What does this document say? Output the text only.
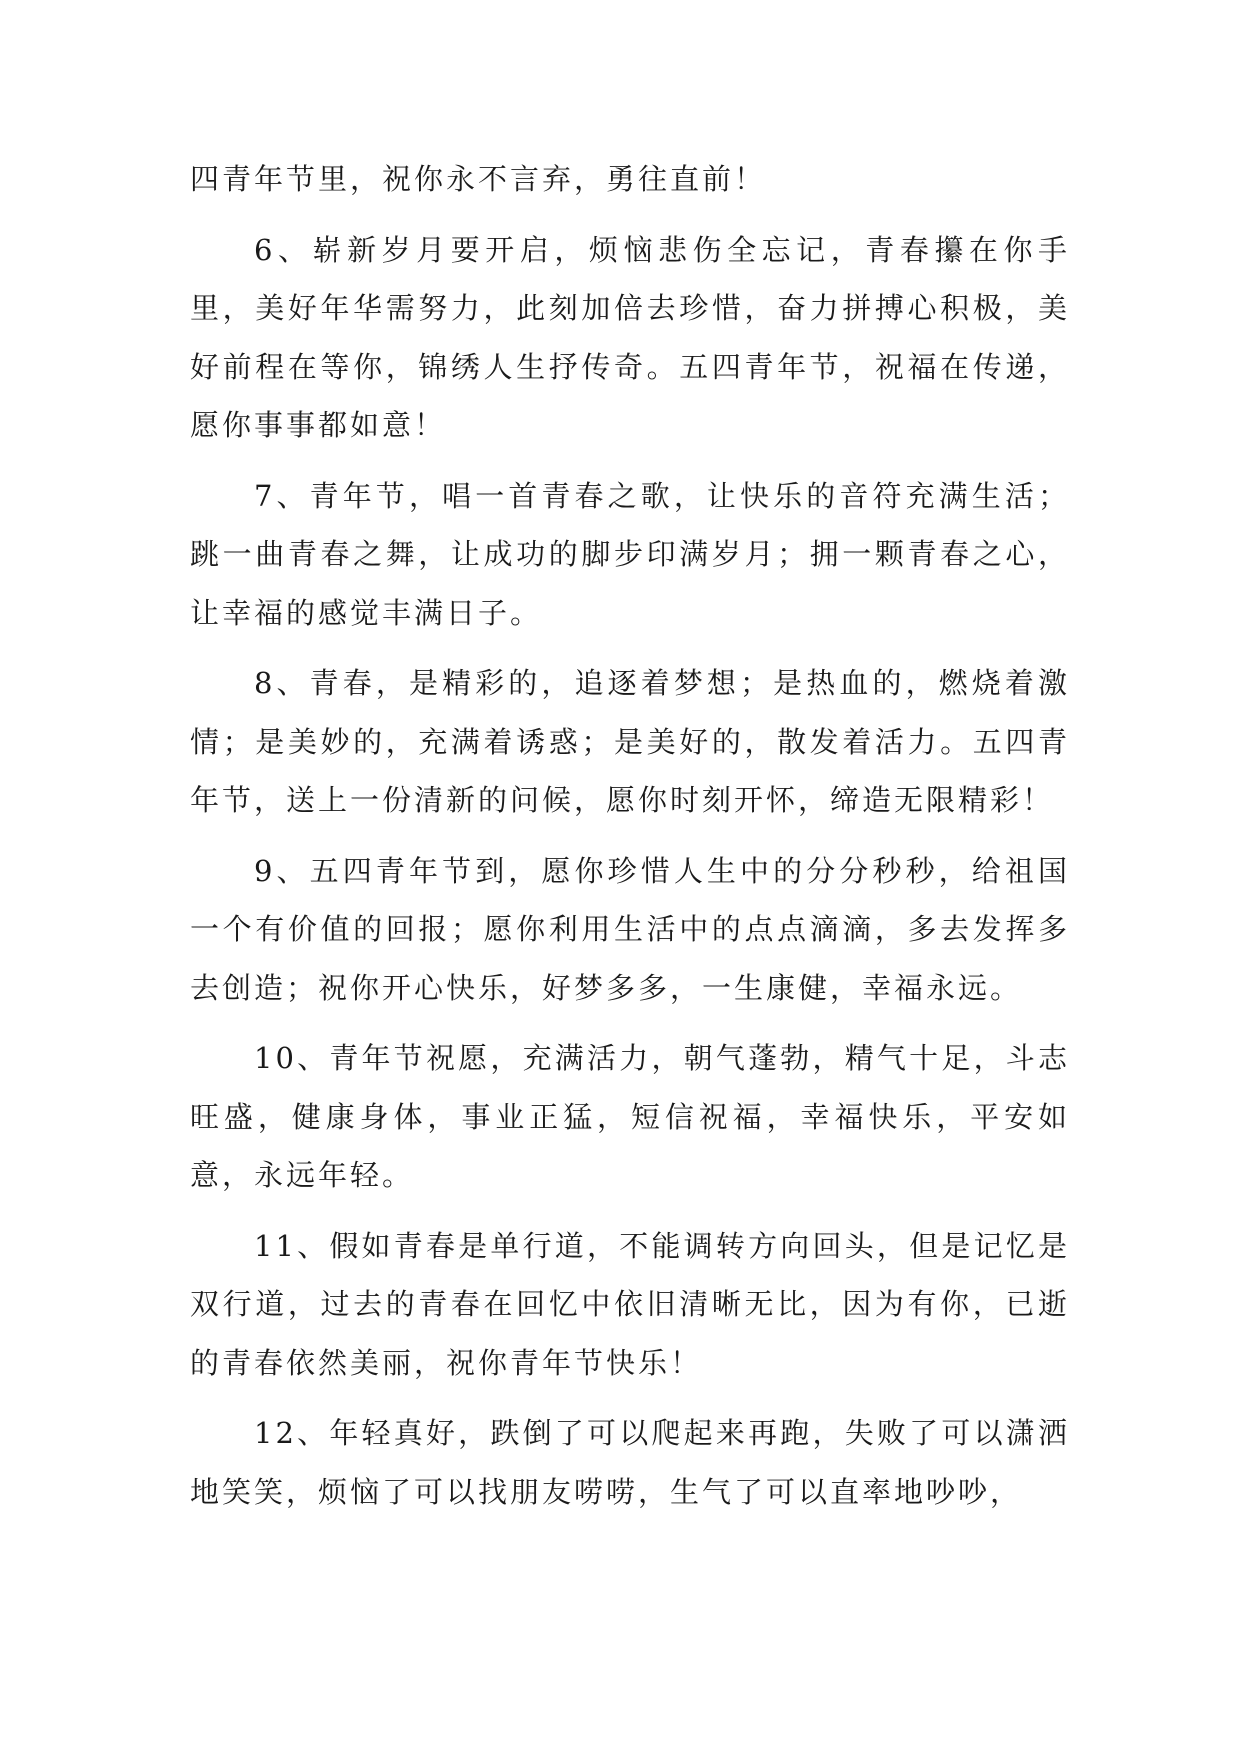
四青年节里，祝你永不言弃，勇往直前！

6、崭新岁月要开启，烦恼悲伤全忘记，青春攥在你手里，美好年华需努力，此刻加倍去珍惜，奋力拼搏心积极，美好前程在等你，锦绣人生抒传奇。五四青年节，祝福在传递，愿你事事都如意！

7、青年节，唱一首青春之歌，让快乐的音符充满生活；跳一曲青春之舞，让成功的脚步印满岁月；拥一颗青春之心，让幸福的感觉丰满日子。

8、青春，是精彩的，追逐着梦想；是热血的，燃烧着激情；是美妙的，充满着诱惑；是美好的，散发着活力。五四青年节，送上一份清新的问候，愿你时刻开怀，缔造无限精彩！

9、五四青年节到，愿你珍惜人生中的分分秒秒，给祖国一个有价值的回报；愿你利用生活中的点点滴滴，多去发挥多去创造；祝你开心快乐，好梦多多，一生康健，幸福永远。

10、青年节祝愿，充满活力，朝气蓬勃，精气十足，斗志旺盛，健康身体，事业正猛，短信祝福，幸福快乐，平安如意，永远年轻。

11、假如青春是单行道，不能调转方向回头，但是记忆是双行道，过去的青春在回忆中依旧清晰无比，因为有你，已逝的青春依然美丽，祝你青年节快乐！

12、年轻真好，跌倒了可以爬起来再跑，失败了可以潇洒地笑笑，烦恼了可以找朋友唠唠，生气了可以直率地吵吵，
